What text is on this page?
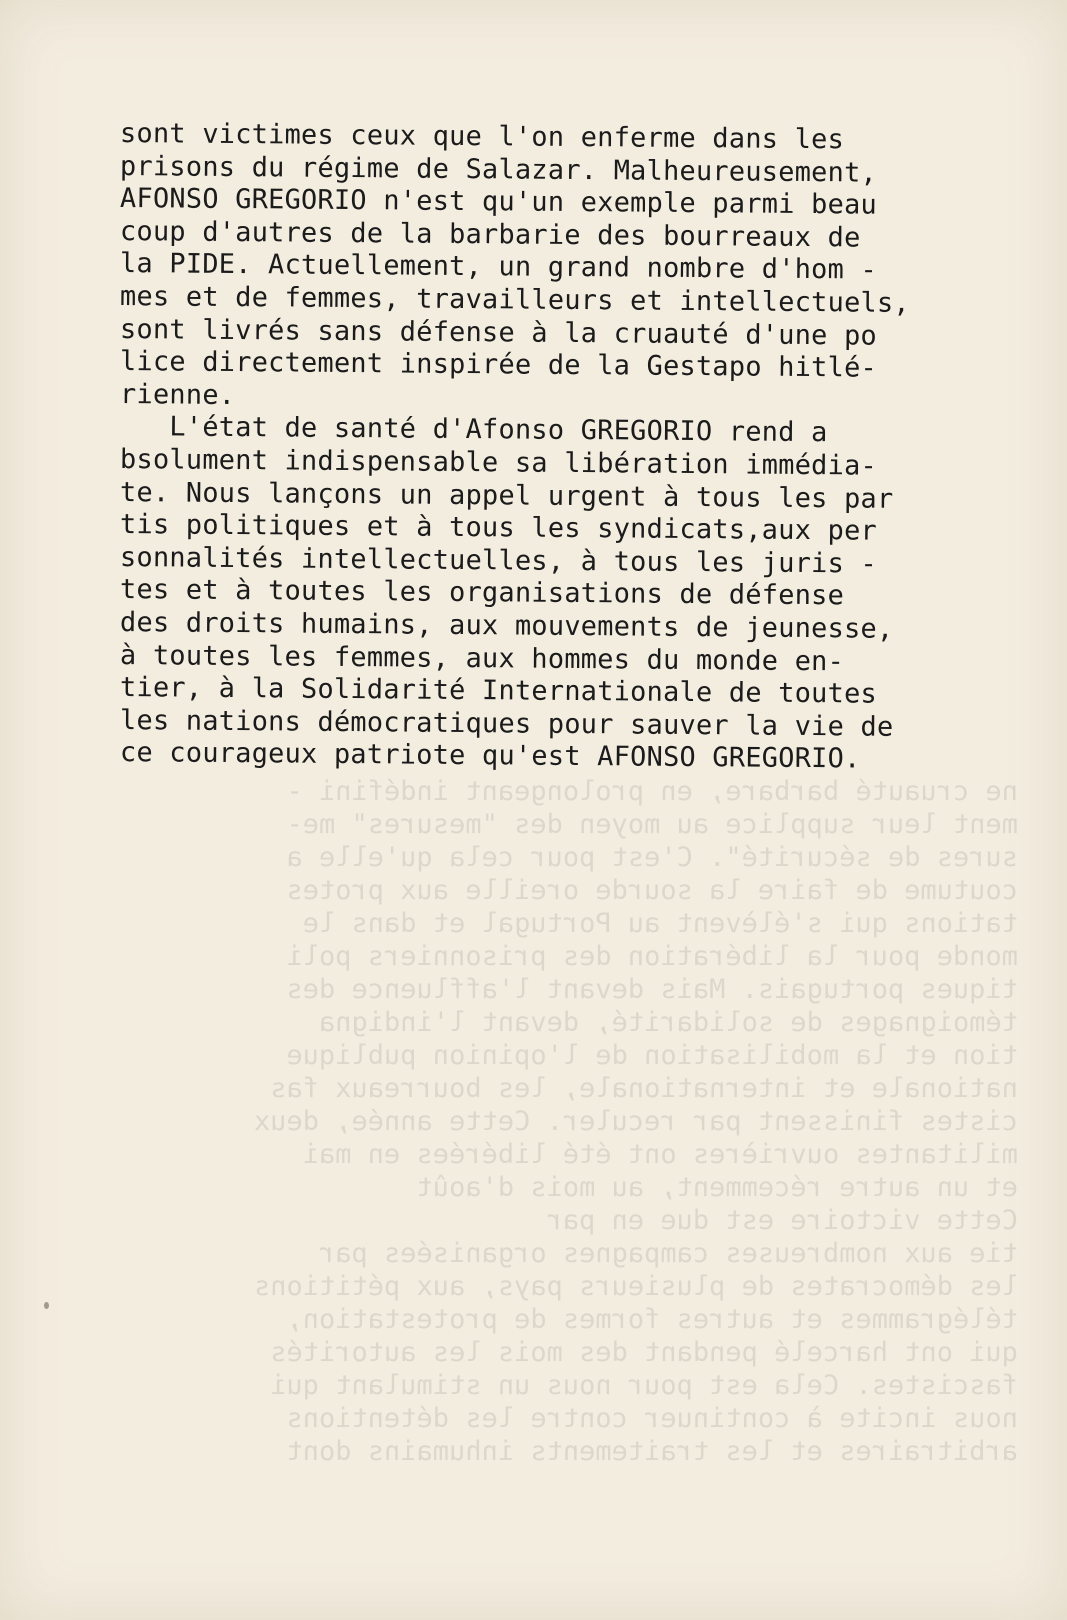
ne cruauté barbare, en prolongeant indéfini -
ment leur supplice au moyen des "mesures" me-
sures de sécurité". C'est pour cela qu'elle a
coutume de faire la sourde oreille aux protes
tations qui s'élèvent au Portugal et dans le
monde pour la libération des prisonniers poli
tiques portugais. Mais devant l'affluence des
témoignages de solidarité, devant l'indigna
tion et la mobilisation de l'opinion publique
nationale et internationale, les bourreaux fas
cistes finissent par reculer. Cette année, deux
militantes ouvrières ont été libérées en mai
et un autre récemment, au mois d'août
Cette victoire est due en par
tie aux nombreuses campagnes organisées par
les démocrates de plusieurs pays, aux pétitions
télégrammes et autres formes de protestation,
qui ont harcelé pendant des mois les autorités
fascistes. Cela est pour nous un stimulant qui
nous incite à continuer contre les détentions
arbitraires et les traitements inhumains dont
sont victimes ceux que l'on enferme dans les
prisons du régime de Salazar. Malheureusement,
AFONSO GREGORIO n'est qu'un exemple parmi beau
coup d'autres de la barbarie des bourreaux de
la PIDE. Actuellement, un grand nombre d'hom -
mes et de femmes, travailleurs et intellectuels,
sont livrés sans défense à la cruauté d'une po
lice directement inspirée de la Gestapo hitlé-
rienne.
L'état de santé d'Afonso GREGORIO rend a
bsolument indispensable sa libération immédia-
te. Nous lançons un appel urgent à tous les par
tis politiques et à tous les syndicats,aux per
sonnalités intellectuelles, à tous les juris -
tes et à toutes les organisations de défense
des droits humains, aux mouvements de jeunesse,
à toutes les femmes, aux hommes du monde en-
tier, à la Solidarité Internationale de toutes
les nations démocratiques pour sauver la vie de
ce courageux patriote qu'est AFONSO GREGORIO.
